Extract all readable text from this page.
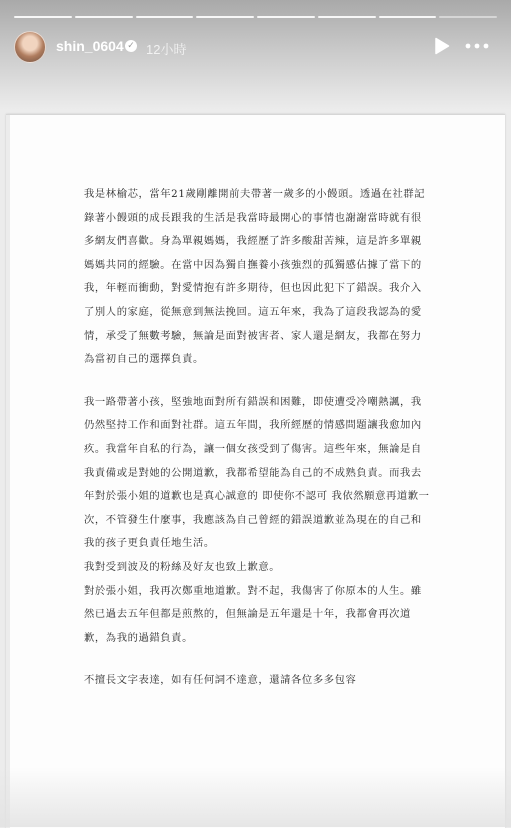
shin_0604 ✓ 12小時

我是林榆芯，當年21歲剛離開前夫帶著一歲多的小饅頭。透過在社群記錄著小饅頭的成長跟我的生活是我當時最開心的事情也謝謝當時就有很多網友們喜歡。身為單親媽媽，我經歷了許多酸甜苦辣，這是許多單親媽媽共同的經驗。在當中因為獨自撫養小孩強烈的孤獨感佔據了當下的我，年輕而衝動，對愛情抱有許多期待，但也因此犯下了錯誤。我介入了別人的家庭，從無意到無法挽回。這五年來，我為了這段我認為的愛情，承受了無數考驗，無論是面對被害者、家人還是網友，我都在努力為當初自己的選擇負責。

我一路帶著小孩，堅強地面對所有錯誤和困難，即使遭受冷嘲熱諷，我仍然堅持工作和面對社群。這五年間，我所經歷的情感問題讓我愈加內疚。我當年自私的行為，讓一個女孩受到了傷害。這些年來，無論是自我責備或是對她的公開道歉，我都希望能為自己的不成熟負責。而我去年對於張小姐的道歉也是真心誠意的 即使你不認可 我依然願意再道歉一次，不管發生什麼事，我應該為自己曾經的錯誤道歉並為現在的自己和我的孩子更負責任地生活。

我對受到波及的粉絲及好友也致上歉意。

對於張小姐，我再次鄭重地道歉。對不起，我傷害了你原本的人生。雖然已過去五年但都是煎熬的，但無論是五年還是十年，我都會再次道歉，為我的過錯負責。

不擅長文字表達，如有任何詞不達意，還請各位多多包容
